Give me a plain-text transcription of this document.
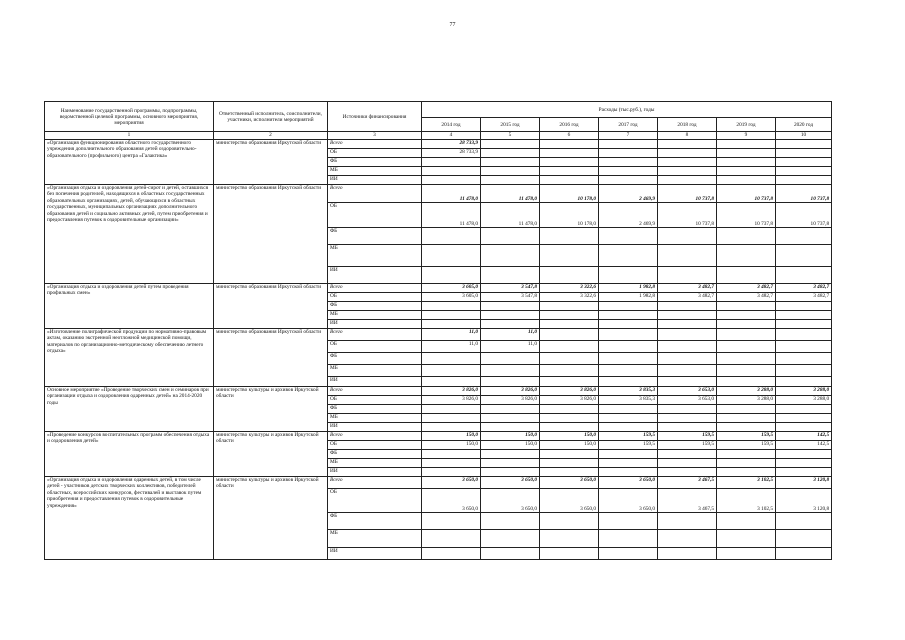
77
Наименование государственной программы, подпрограммы, ведомственной целевой программы, основного мероприятия, мероприятия	Ответственный исполнитель, соисполнители, участники, исполнители мероприятий	Источники финансирования	Расходы (тыс.руб.), годы						
			2014 год	2015 год	2016 год	2017 год	2018 год	2019 год	2020 год
1	2	3	4	5	6	7	8	9	10
«Организация функционирования областного государственного учреждения дополнительного образования детей оздоровительно-образовательного (профильного) центра «Галактика»	министерство образования Иркутской области	Всего	28 733,9						
		ОБ	28 733,9						
		ФБ							
		МБ							
		ИИ							
«Организация отдыха и оздоровления детей-сирот и детей, оставшихся без попечения родителей, находящихся в областных государственных образовательных организациях, детей, обучающихся в областных государственных, муниципальных организациях дополнительного образования детей и социально активных детей, путем приобретения и предоставления путевок в оздоровительные организации»	министерство образования Иркутской области	Всего	11 478,0	11 478,0	10 178,0	2 469,9	10 737,8	10 737,8	10 737,8
		ОБ	11 478,0	11 478,0	10 178,0	2 469,9	10 737,8	10 737,8	10 737,8
		ФБ							
		МБ							
		ИИ							
«Организация отдыха и оздоровления детей путем проведения профильных смен»	министерство образования Иркутской области	Всего	3 605,0	3 547,8	3 322,6	1 982,8	3 482,7	3 482,7	3 482,7
		ОБ	3 605,0	3 547,8	3 322,6	1 982,8	3 482,7	3 482,7	3 482,7
		ФБ							
		МБ							
		ИИ							
«Изготовление полиграфической продукции по нормативно-правовым актам, оказанию экстренной неотложной медицинской помощи, материалов по организационно-методическому обеспечению летнего отдыха»	министерство образования Иркутской области	Всего	11,0	11,0					
		ОБ	11,0	11,0					
		ФБ							
		МБ							
		ИИ							
Основное мероприятие «Проведение творческих смен и семинаров при организации отдыха и оздоровления одаренных детей» на 2014-2020 годы	министерство культуры и архивов Иркутской области	Всего	3 826,0	3 826,0	3 826,0	3 835,3	3 653,0	3 288,0	3 288,0
		ОБ	3 826,0	3 826,0	3 826,0	3 835,3	3 653,0	3 288,0	3 288,0
		ФБ							
		МБ							
		ИИ							
«Проведение конкурсов воспитательных программ обеспечения отдыха и оздоровления детей»	министерство культуры и архивов Иркутской области	Всего	150,0	150,0	150,0	159,5	159,5	159,5	142,5
		ОБ	150,0	150,0	150,0	159,5	159,5	159,5	142,5
		ФБ							
		МБ							
		ИИ							
«Организация отдыха и оздоровления одаренных детей, в том числе детей - участников детских творческих коллективов, победителей областных, всероссийских конкурсов, фестивалей и выставок путем приобретения и предоставления путевок в оздоровительные учреждения»	министерство культуры и архивов Иркутской области	Всего	3 650,0	3 650,0	3 650,0	3 650,0	3 467,5	3 102,5	3 120,8
		ОБ	3 650,0	3 650,0	3 650,0	3 650,0	3 467,5	3 102,5	3 120,8
		ФБ							
		МБ							
		ИИ							
